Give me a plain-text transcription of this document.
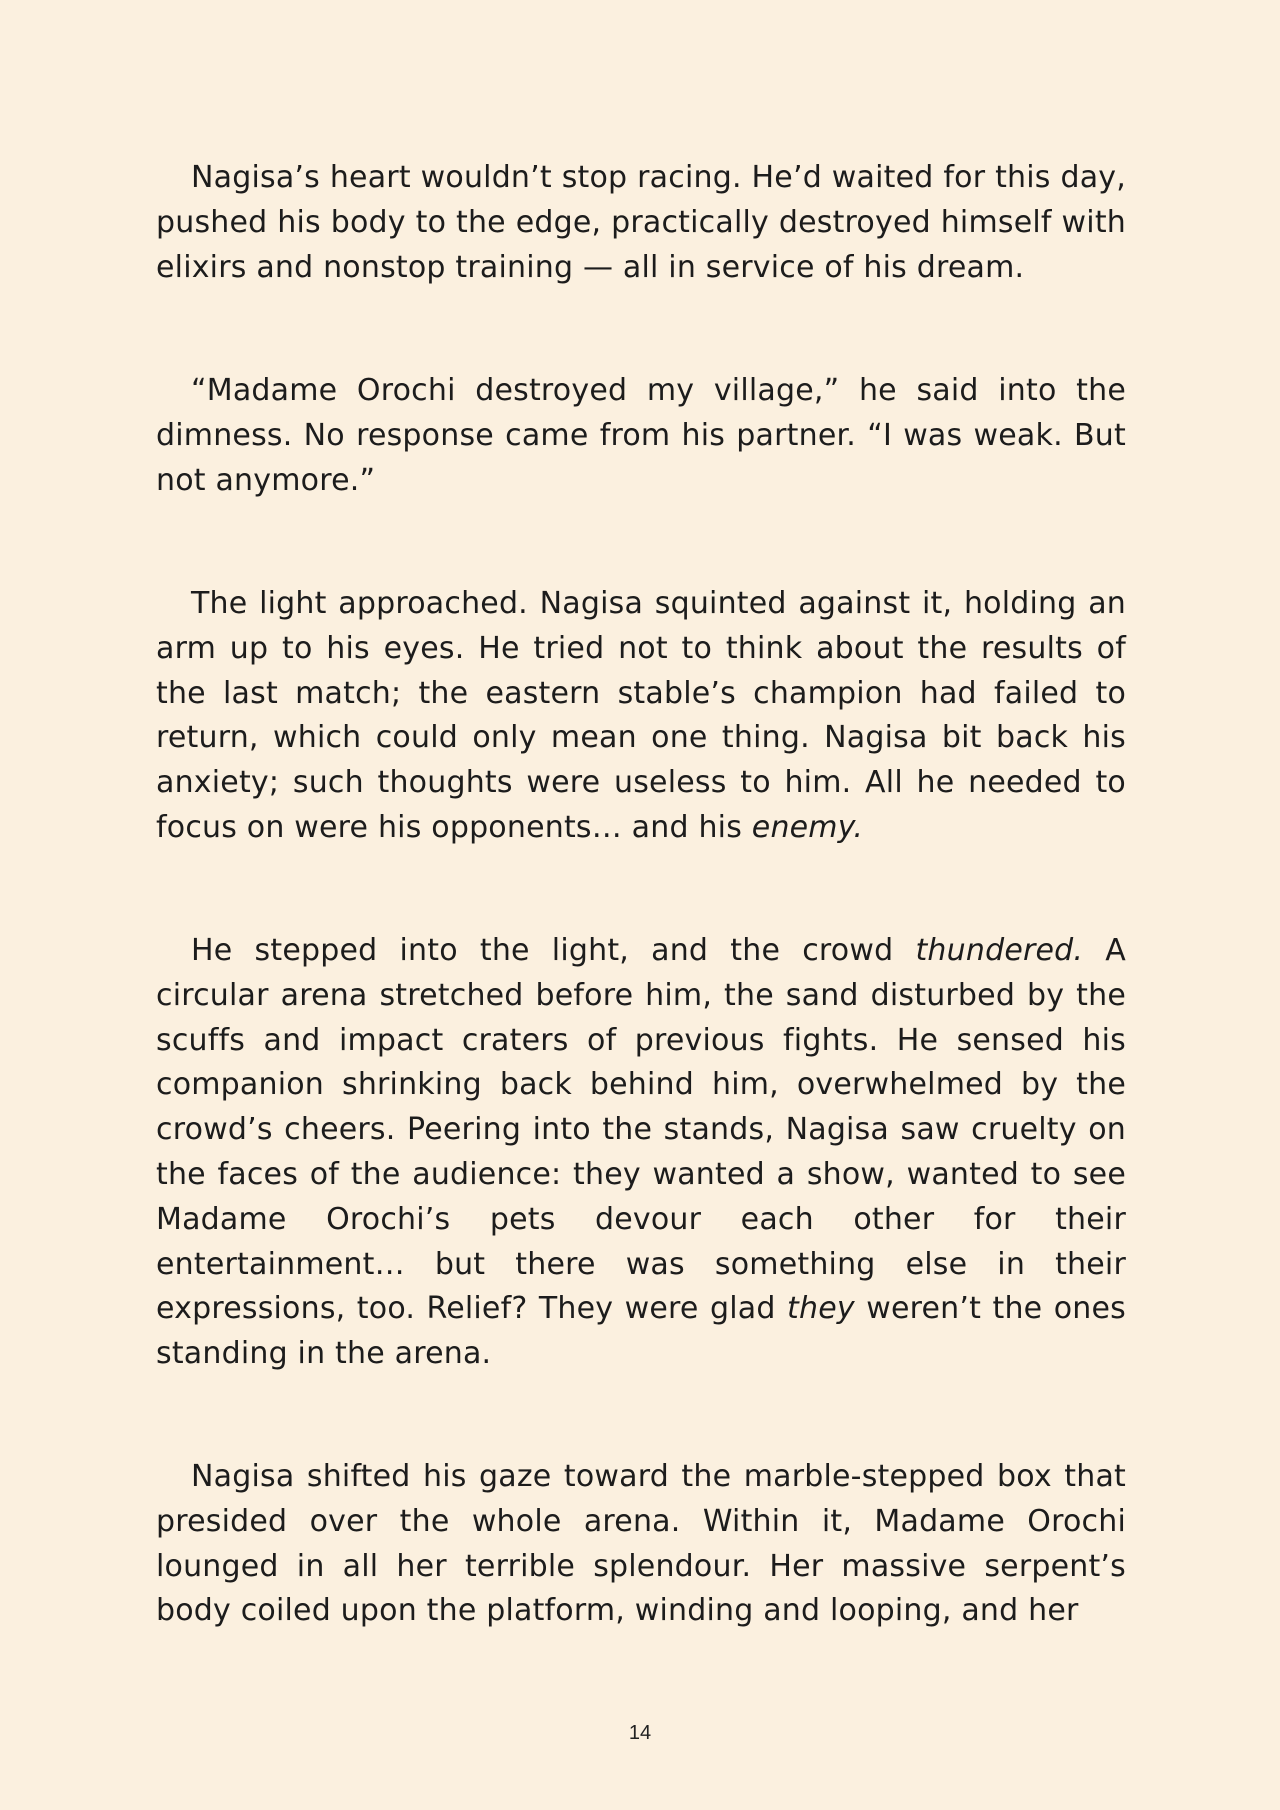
Nagisa’s heart wouldn’t stop racing. He’d waited for this day, pushed his body to the edge, practically destroyed himself with elixirs and nonstop training — all in service of his dream.

“Madame Orochi destroyed my village,” he said into the dimness. No response came from his partner. “I was weak. But not anymore.”

The light approached. Nagisa squinted against it, holding an arm up to his eyes. He tried not to think about the results of the last match; the eastern stable’s champion had failed to return, which could only mean one thing. Nagisa bit back his anxiety; such thoughts were useless to him. All he needed to focus on were his opponents… and his enemy.

He stepped into the light, and the crowd thundered. A circular arena stretched before him, the sand disturbed by the scuffs and impact craters of previous fights. He sensed his companion shrinking back behind him, overwhelmed by the crowd’s cheers. Peering into the stands, Nagisa saw cruelty on the faces of the audience: they wanted a show, wanted to see Madame Orochi’s pets devour each other for their entertainment… but there was something else in their expressions, too. Relief? They were glad they weren’t the ones standing in the arena.

Nagisa shifted his gaze toward the marble-stepped box that presided over the whole arena. Within it, Madame Orochi lounged in all her terrible splendour. Her massive serpent’s body coiled upon the platform, winding and looping, and her

14
